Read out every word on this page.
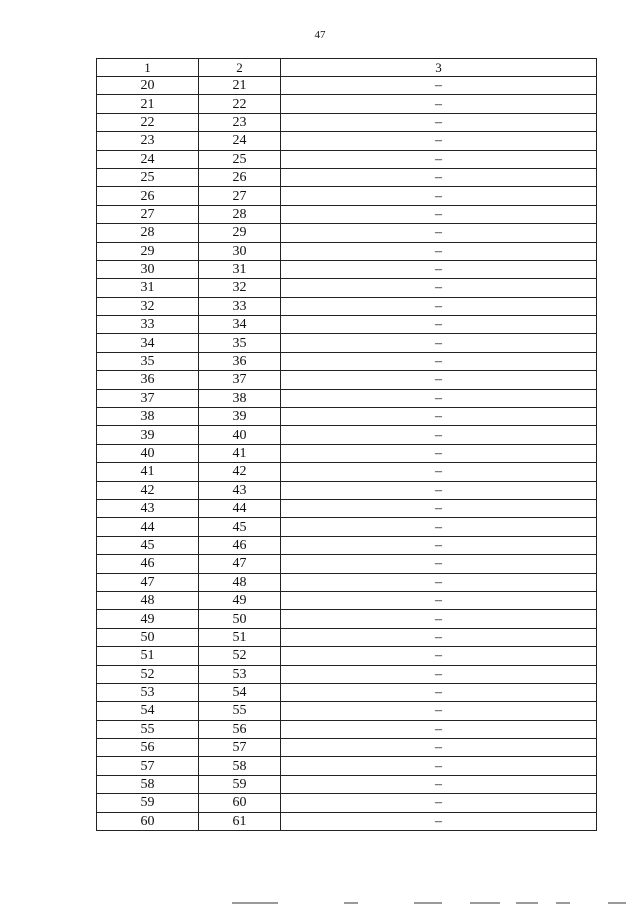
47
1	2	3
20	21	–
21	22	–
22	23	–
23	24	–
24	25	–
25	26	–
26	27	–
27	28	–
28	29	–
29	30	–
30	31	–
31	32	–
32	33	–
33	34	–
34	35	–
35	36	–
36	37	–
37	38	–
38	39	–
39	40	–
40	41	–
41	42	–
42	43	–
43	44	–
44	45	–
45	46	–
46	47	–
47	48	–
48	49	–
49	50	–
50	51	–
51	52	–
52	53	–
53	54	–
54	55	–
55	56	–
56	57	–
57	58	–
58	59	–
59	60	–
60	61	–
